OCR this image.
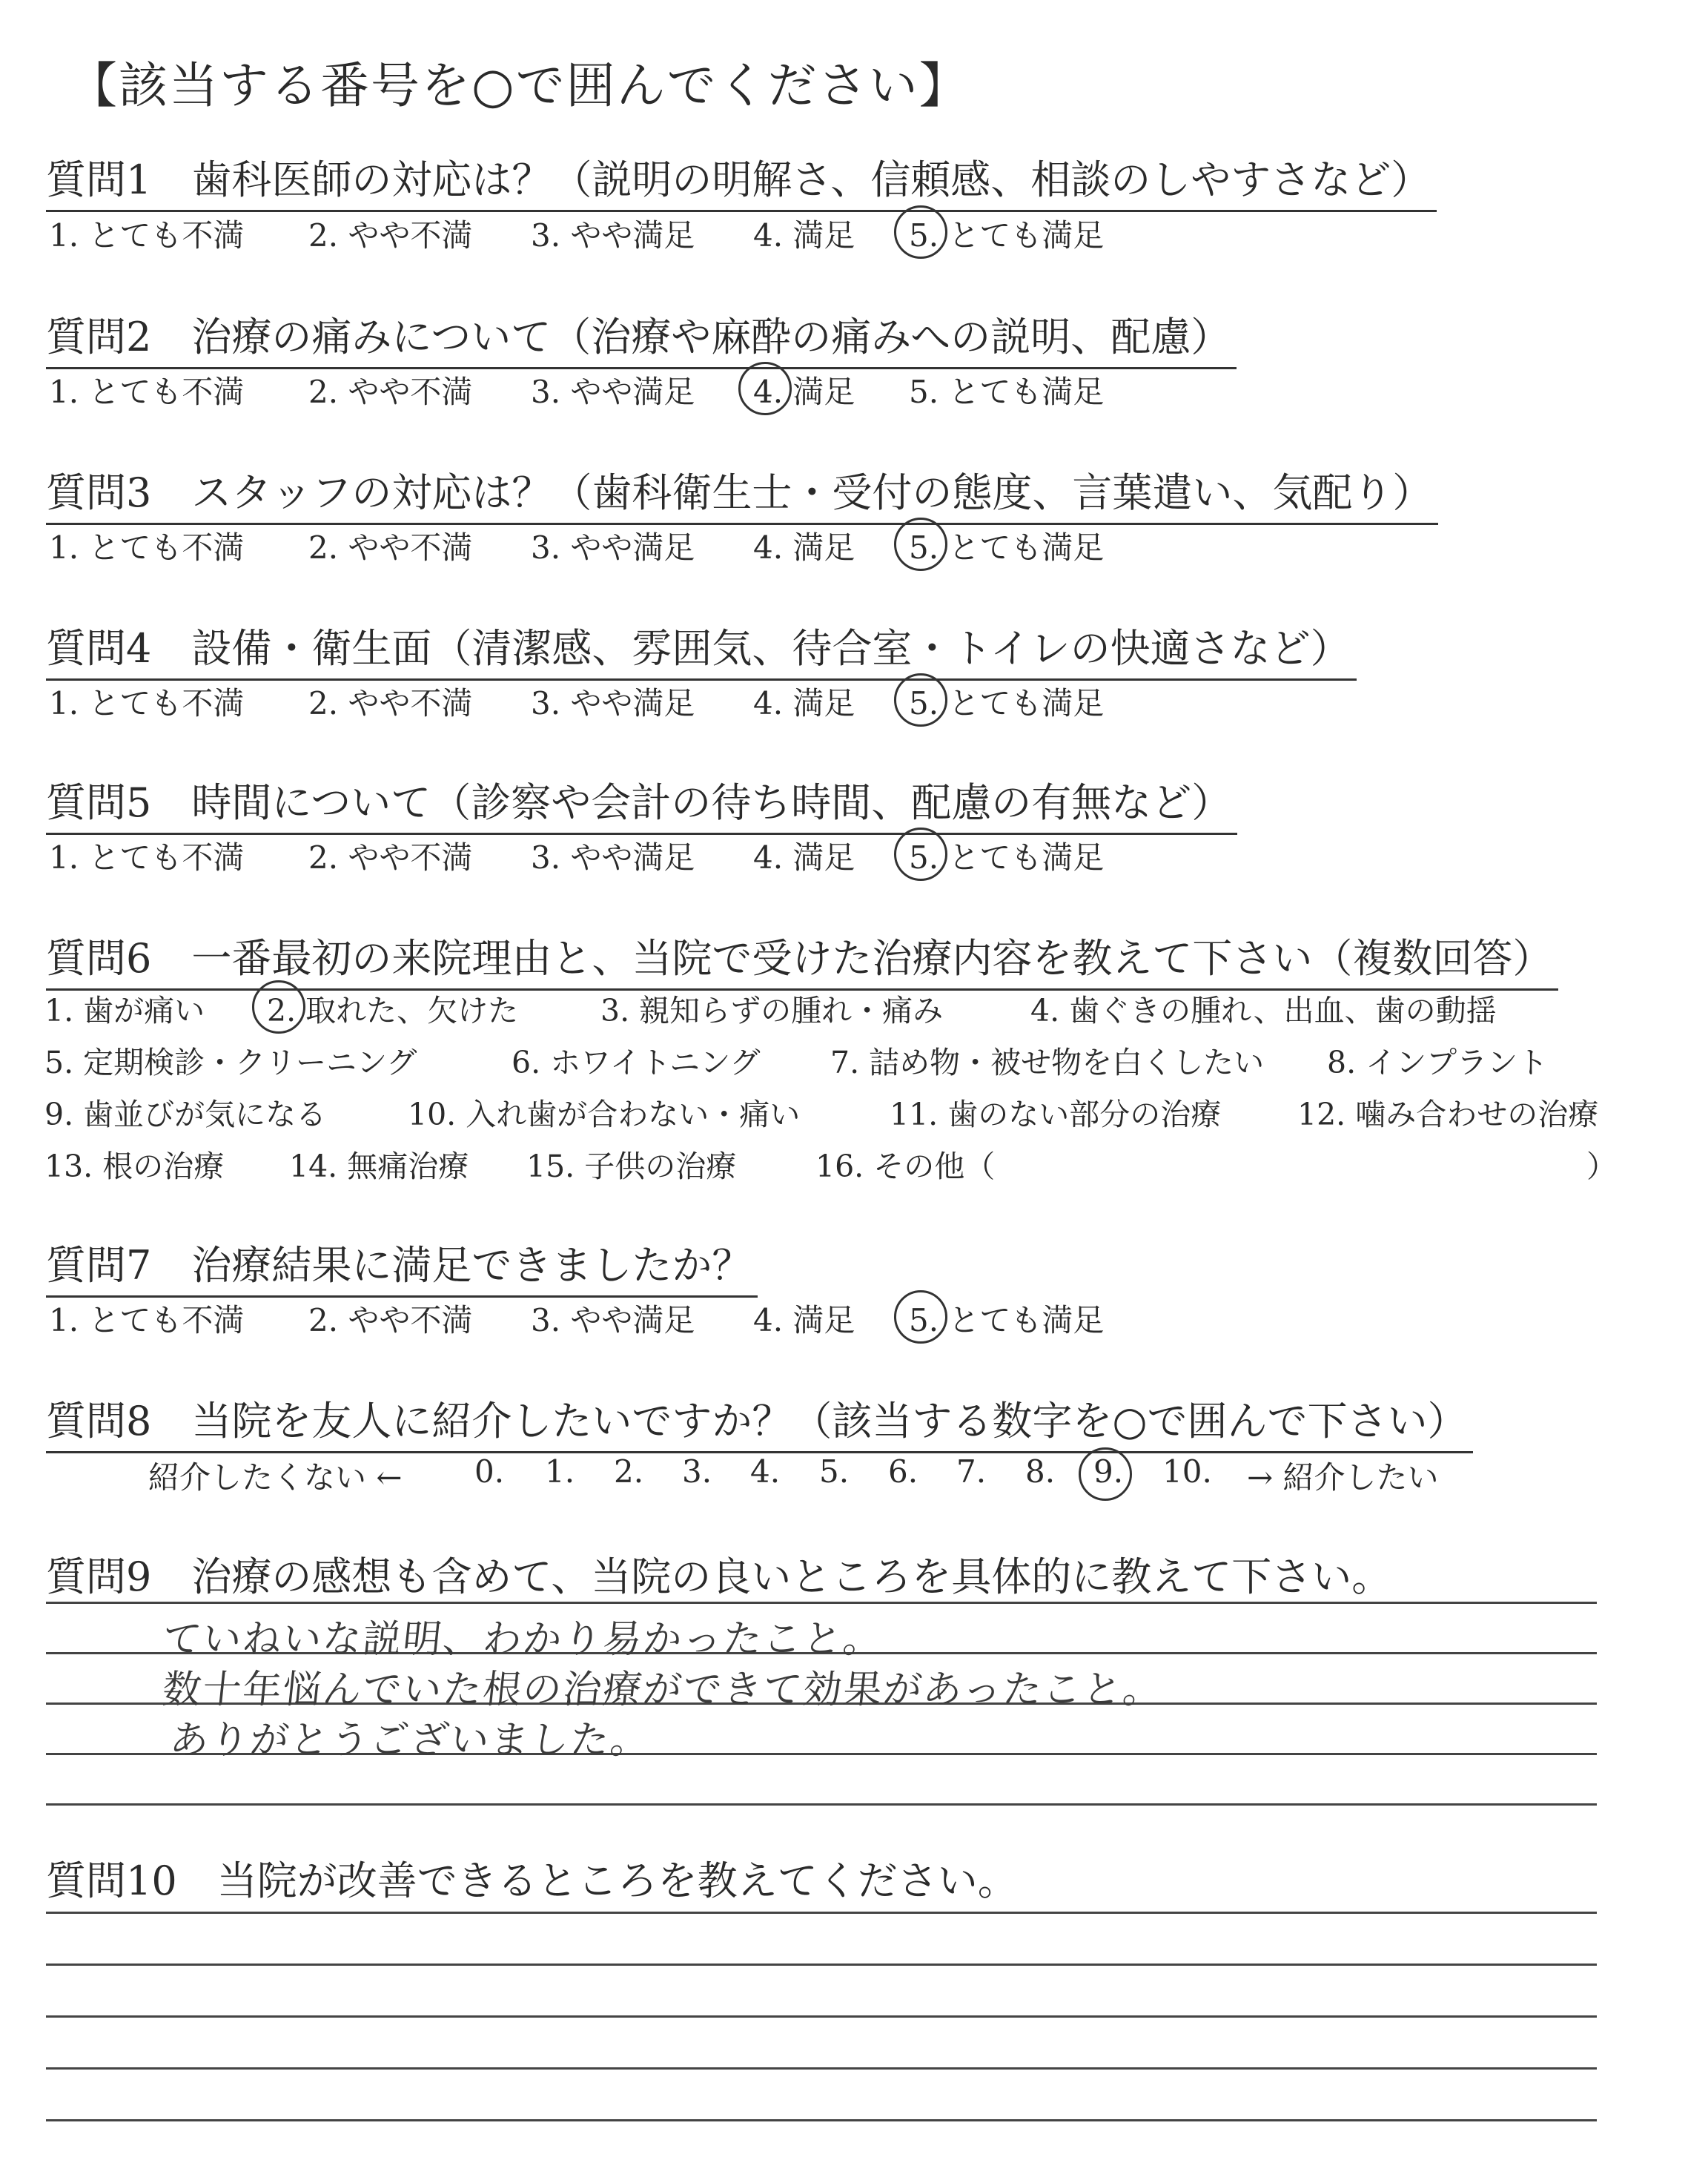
【該当する番号を○で囲んでください】
質問1　歯科医師の対応は？（説明の明解さ、信頼感、相談のしやすさなど）
1. とても不満 2. やや不満 3. やや満足 4. 満足 5. とても満足
質問2　治療の痛みについて（治療や麻酔の痛みへの説明、配慮）
1. とても不満 2. やや不満 3. やや満足 4. 満足 5. とても満足
質問3　スタッフの対応は？（歯科衛生士・受付の態度、言葉遣い、気配り）
1. とても不満 2. やや不満 3. やや満足 4. 満足 5. とても満足
質問4　設備・衛生面（清潔感、雰囲気、待合室・トイレの快適さなど）
1. とても不満 2. やや不満 3. やや満足 4. 満足 5. とても満足
質問5　時間について（診察や会計の待ち時間、配慮の有無など）
1. とても不満 2. やや不満 3. やや満足 4. 満足 5. とても満足
質問6　一番最初の来院理由と、当院で受けた治療内容を教えて下さい（複数回答）
1. 歯が痛い 2. 取れた、欠けた	3. 親知らずの腫れ・痛み	4. 歯ぐきの腫れ、出血、歯の動揺
5. 定期検診・クリーニング	6. ホワイトニング 7. 詰め物・被せ物を白くしたい 8. インプラント
9. 歯並びが気になる	10. 入れ歯が合わない・痛い	11. 歯のない部分の治療	12. 噛み合わせの治療
13. 根の治療 14. 無痛治療 15. 子供の治療	16. その他（	）
質問7　治療結果に満足できましたか？
1. とても不満 2. やや不満 3. やや満足 4. 満足 5. とても満足
質問8　当院を友人に紹介したいですか？（該当する数字を○で囲んで下さい）
紹介したくない ← 0. 1. 2. 3. 4. 5. 6. 7. 8. 9. 10. → 紹介したい
質問9　治療の感想も含めて、当院の良いところを具体的に教えて下さい。
ていねいな説明、わかり易かったこと。
数十年悩んでいた根の治療ができて効果があったこと。
ありがとうございました。
質問10　当院が改善できるところを教えてください。
